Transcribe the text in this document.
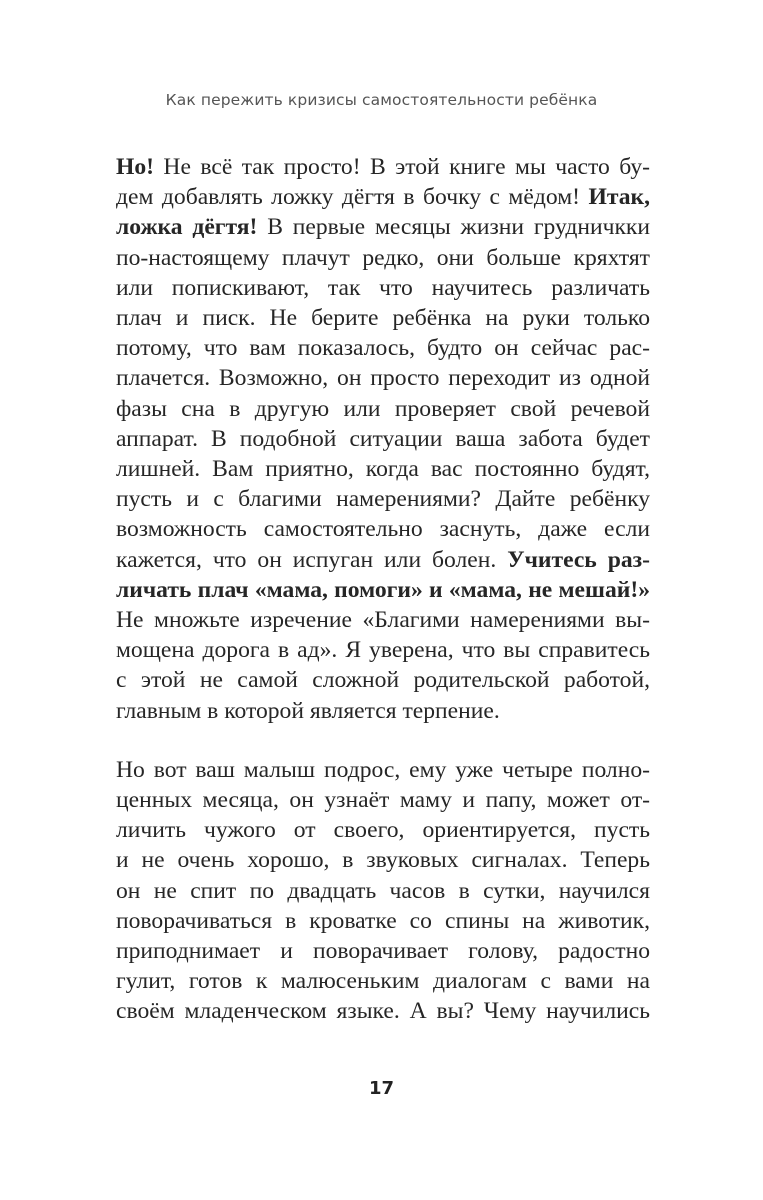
Как пережить кризисы самостоятельности ребёнка
Но! Не всё так просто! В этой книге мы часто бу-
дем добавлять ложку дёгтя в бочку с мёдом! Итак,
ложка дёгтя! В первые месяцы жизни грудничкки
по-настоящему плачут редко, они больше кряхтят
или попискивают, так что научитесь различать
плач и писк. Не берите ребёнка на руки только
потому, что вам показалось, будто он сейчас рас-
плачется. Возможно, он просто переходит из одной
фазы сна в другую или проверяет свой речевой
аппарат. В подобной ситуации ваша забота будет
лишней. Вам приятно, когда вас постоянно будят,
пусть и с благими намерениями? Дайте ребёнку
возможность самостоятельно заснуть, даже если
кажется, что он испуган или болен. Учитесь раз-
личать плач «мама, помоги» и «мама, не мешай!»
Не множьте изречение «Благими намерениями вы-
мощена дорога в ад». Я уверена, что вы справитесь
с этой не самой сложной родительской работой,
главным в которой является терпение.
Но вот ваш малыш подрос, ему уже четыре полно-
ценных месяца, он узнаёт маму и папу, может от-
личить чужого от своего, ориентируется, пусть
и не очень хорошо, в звуковых сигналах. Теперь
он не спит по двадцать часов в сутки, научился
поворачиваться в кроватке со спины на животик,
приподнимает и поворачивает голову, радостно
гулит, готов к малюсеньким диалогам с вами на
своём младенческом языке. А вы? Чему научились
17
